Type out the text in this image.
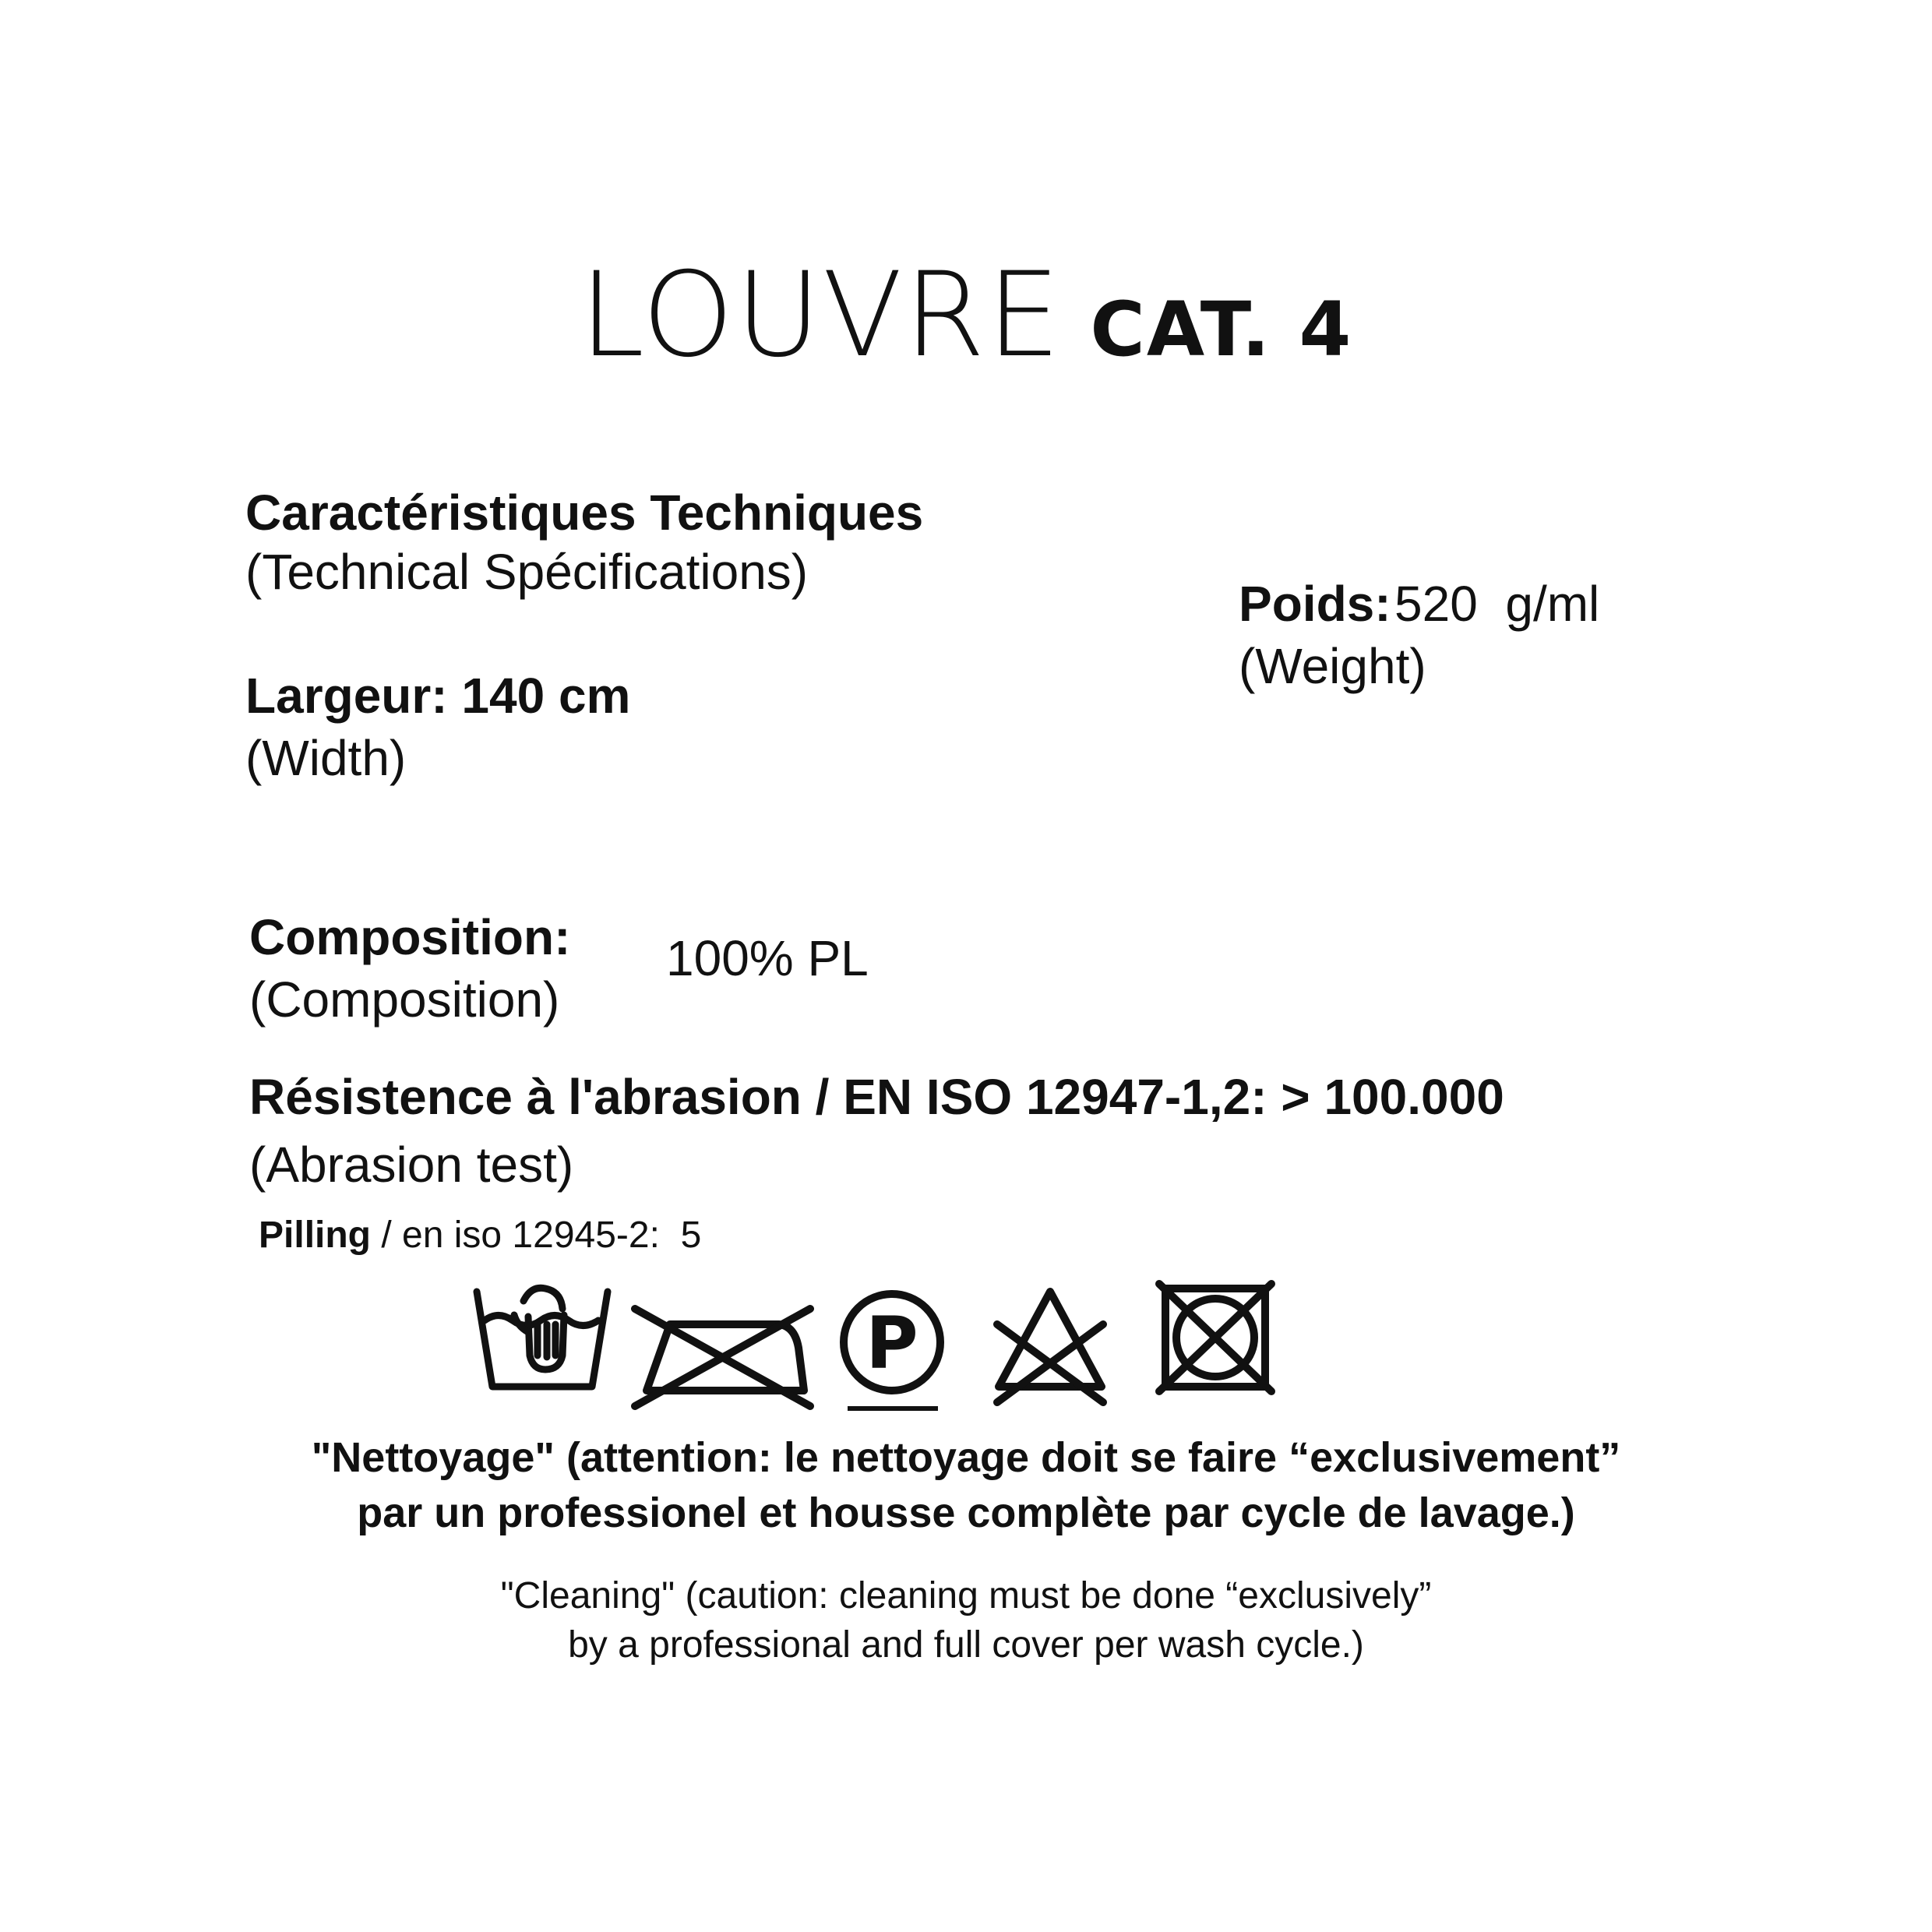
LOUVRE CAT. 4
Caractéristiques Techniques
(Technical Spécifications)
Largeur: 140 cm
(Width)
Poids: 520  g/ml
(Weight)
Composition:
(Composition)
100% PL
Résistence à l'abrasion / EN ISO 12947-1,2: > 100.000
(Abrasion test)
Pilling / en iso 12945-2:  5
P
"Nettoyage" (attention: le nettoyage doit se faire “exclusivement”
par un professionel et housse complète par cycle de lavage.)
"Cleaning" (caution: cleaning must be done “exclusively”
by a professional and full cover per wash cycle.)
